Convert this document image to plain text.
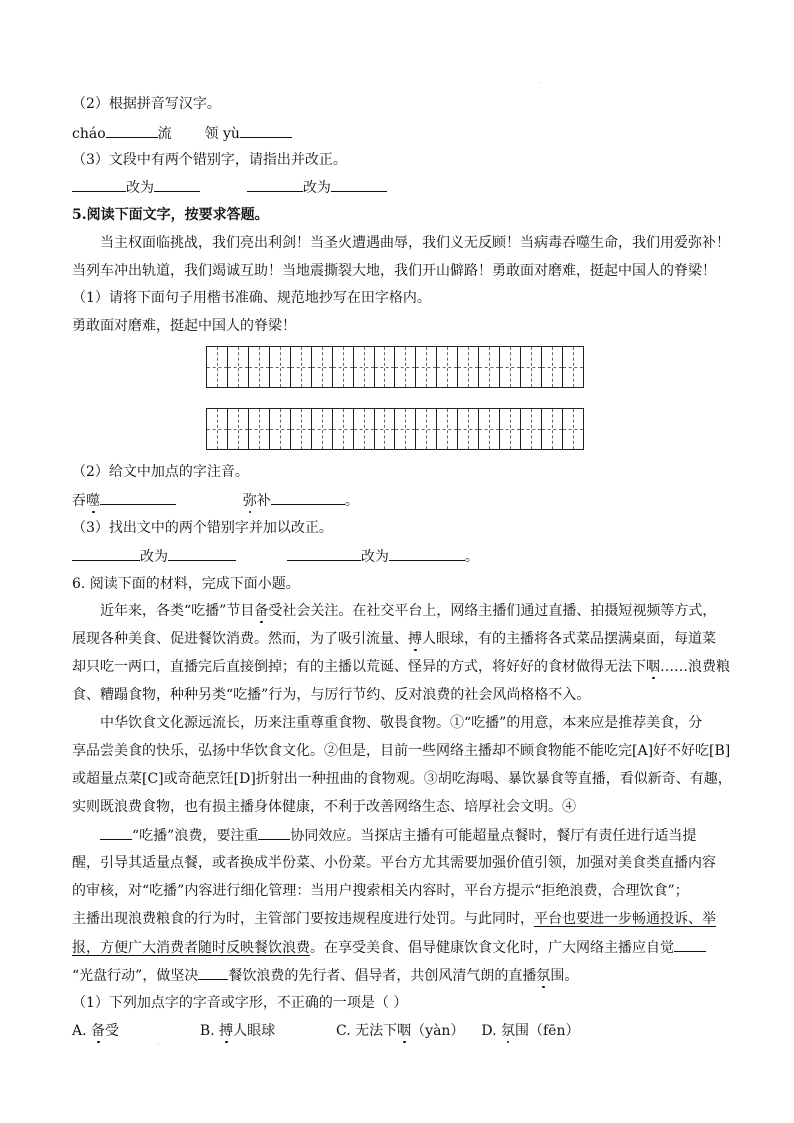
·
（2）根据拼音写汉字。
cháo	流 领 yù
（3）文段中有两个错别字，请指出并改正。
改为	改为
5.阅读下面文字，按要求答题。
当主权面临挑战，我们亮出利剑！当圣火遭遇曲辱，我们义无反顾！当病毒吞噬生命，我们用爱弥补！
当列车冲出轨道，我们竭诚互助！当地震撕裂大地，我们开山僻路！勇敢面对磨难，挺起中国人的脊梁！
（1）请将下面句子用楷书准确、规范地抄写在田字格内。
勇敢面对磨难，挺起中国人的脊梁！
（2）给文中加点的字注音。
吞噬	弥补	。
（3）找出文中的两个错别字并加以改正。
改为	改为	。
6. 阅读下面的材料，完成下面小题。
近年来，各类“吃播”节目备受社会关注。在社交平台上，网络主播们通过直播、拍摄短视频等方式，
展现各种美食、促进餐饮消费。然而，为了吸引流量、搏人眼球，有的主播将各式菜品摆满桌面，每道菜
却只吃一两口，直播完后直接倒掉；有的主播以荒诞、怪异的方式，将好好的食材做得无法下咽……浪费粮
食、糟蹋食物，种种另类“吃播”行为，与厉行节约、反对浪费的社会风尚格格不入。
中华饮食文化源远流长，历来注重尊重食物、敬畏食物。①“吃播”的用意，本来应是推荐美食，分
享品尝美食的快乐，弘扬中华饮食文化。②但是，目前一些网络主播却不顾食物能不能吃完[A]好不好吃[B]
或超量点菜[C]或奇葩烹饪[D]折射出一种扭曲的食物观。③胡吃海喝、暴饮暴食等直播，看似新奇、有趣，
实则既浪费食物，也有损主播身体健康，不利于改善网络生态、培厚社会文明。④
“吃播”浪费，要注重 协同效应。当探店主播有可能超量点餐时，餐厅有责任进行适当提
醒，引导其适量点餐，或者换成半份菜、小份菜。平台方尤其需要加强价值引领，加强对美食类直播内容
的审核，对“吃播”内容进行细化管理：当用户搜索相关内容时，平台方提示“拒绝浪费，合理饮食”；
主播出现浪费粮食的行为时，主管部门要按违规程度进行处罚。与此同时，平台也要进一步畅通投诉、举
报，方便广大消费者随时反映餐饮浪费。在享受美食、倡导健康饮食文化时，广大网络主播应自觉
“光盘行动”，做坚决 餐饮浪费的先行者、倡导者，共创风清气朗的直播氛围。
（1）下列加点字的字音或字形，不正确的一项是（ ）
A. 备受	B. 搏人眼球	C. 无法下咽（yàn） D. 氛围（fēn）
·
